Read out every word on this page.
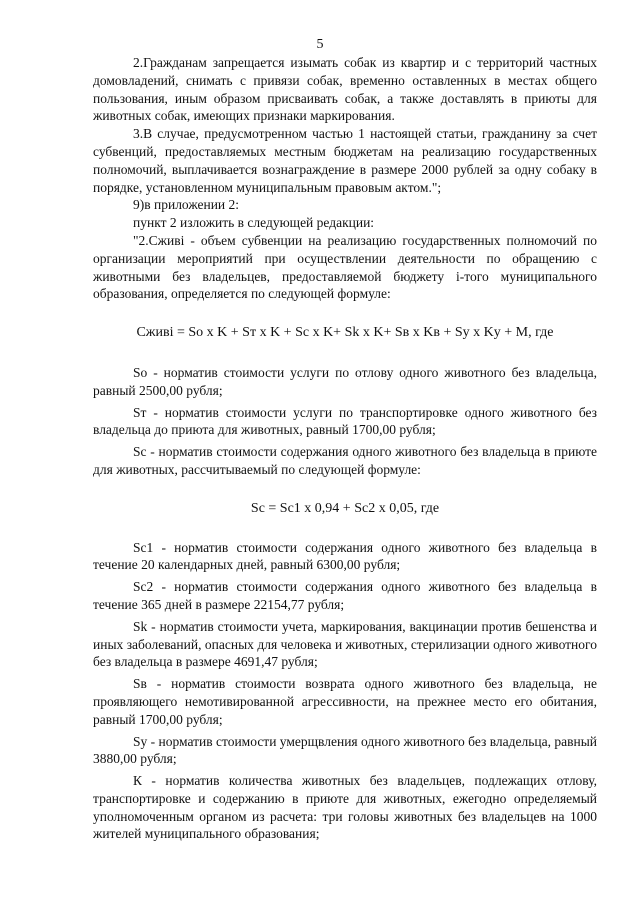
5

2.Гражданам запрещается изымать собак из квартир и с территорий частных домовладений, снимать с привязи собак, временно оставленных в местах общего пользования, иным образом присваивать собак, а также доставлять в приюты для животных собак, имеющих признаки маркирования.

3.В случае, предусмотренном частью 1 настоящей статьи, гражданину за счет субвенций, предоставляемых местным бюджетам на реализацию государственных полномочий, выплачивается вознаграждение в размере 2000 рублей за одну собаку в порядке, установленном муниципальным правовым актом.";

9)в приложении 2:

пункт 2 изложить в следующей редакции:

"2.Сживі - объем субвенции на реализацию государственных полномочий по организации мероприятий при осуществлении деятельности по обращению с животными без владельцев, предоставляемой бюджету i-того муниципального образования, определяется по следующей формуле:

Сживі = So x K + Sт x K + Sc x K+ Sk x K+ Sв x Kв + Sy x Ky + M, где

So - норматив стоимости услуги по отлову одного животного без владельца, равный 2500,00 рубля;

Sт - норматив стоимости услуги по транспортировке одного животного без владельца до приюта для животных, равный 1700,00 рубля;

Sc - норматив стоимости содержания одного животного без владельца в приюте для животных, рассчитываемый по следующей формуле:

Sc = Sc1 x 0,94 + Sc2 x 0,05, где

Sc1 - норматив стоимости содержания одного животного без владельца в течение 20 календарных дней, равный 6300,00 рубля;

Sc2 - норматив стоимости содержания одного животного без владельца в течение 365 дней в размере 22154,77 рубля;

Sk - норматив стоимости учета, маркирования, вакцинации против бешенства и иных заболеваний, опасных для человека и животных, стерилизации одного животного без владельца в размере 4691,47 рубля;

Sв - норматив стоимости возврата одного животного без владельца, не проявляющего немотивированной агрессивности, на прежнее место его обитания, равный 1700,00 рубля;

Sy - норматив стоимости умерщвления одного животного без владельца, равный 3880,00 рубля;

К - норматив количества животных без владельцев, подлежащих отлову, транспортировке и содержанию в приюте для животных, ежегодно определяемый уполномоченным органом из расчета: три головы животных без владельцев на 1000 жителей муниципального образования;
